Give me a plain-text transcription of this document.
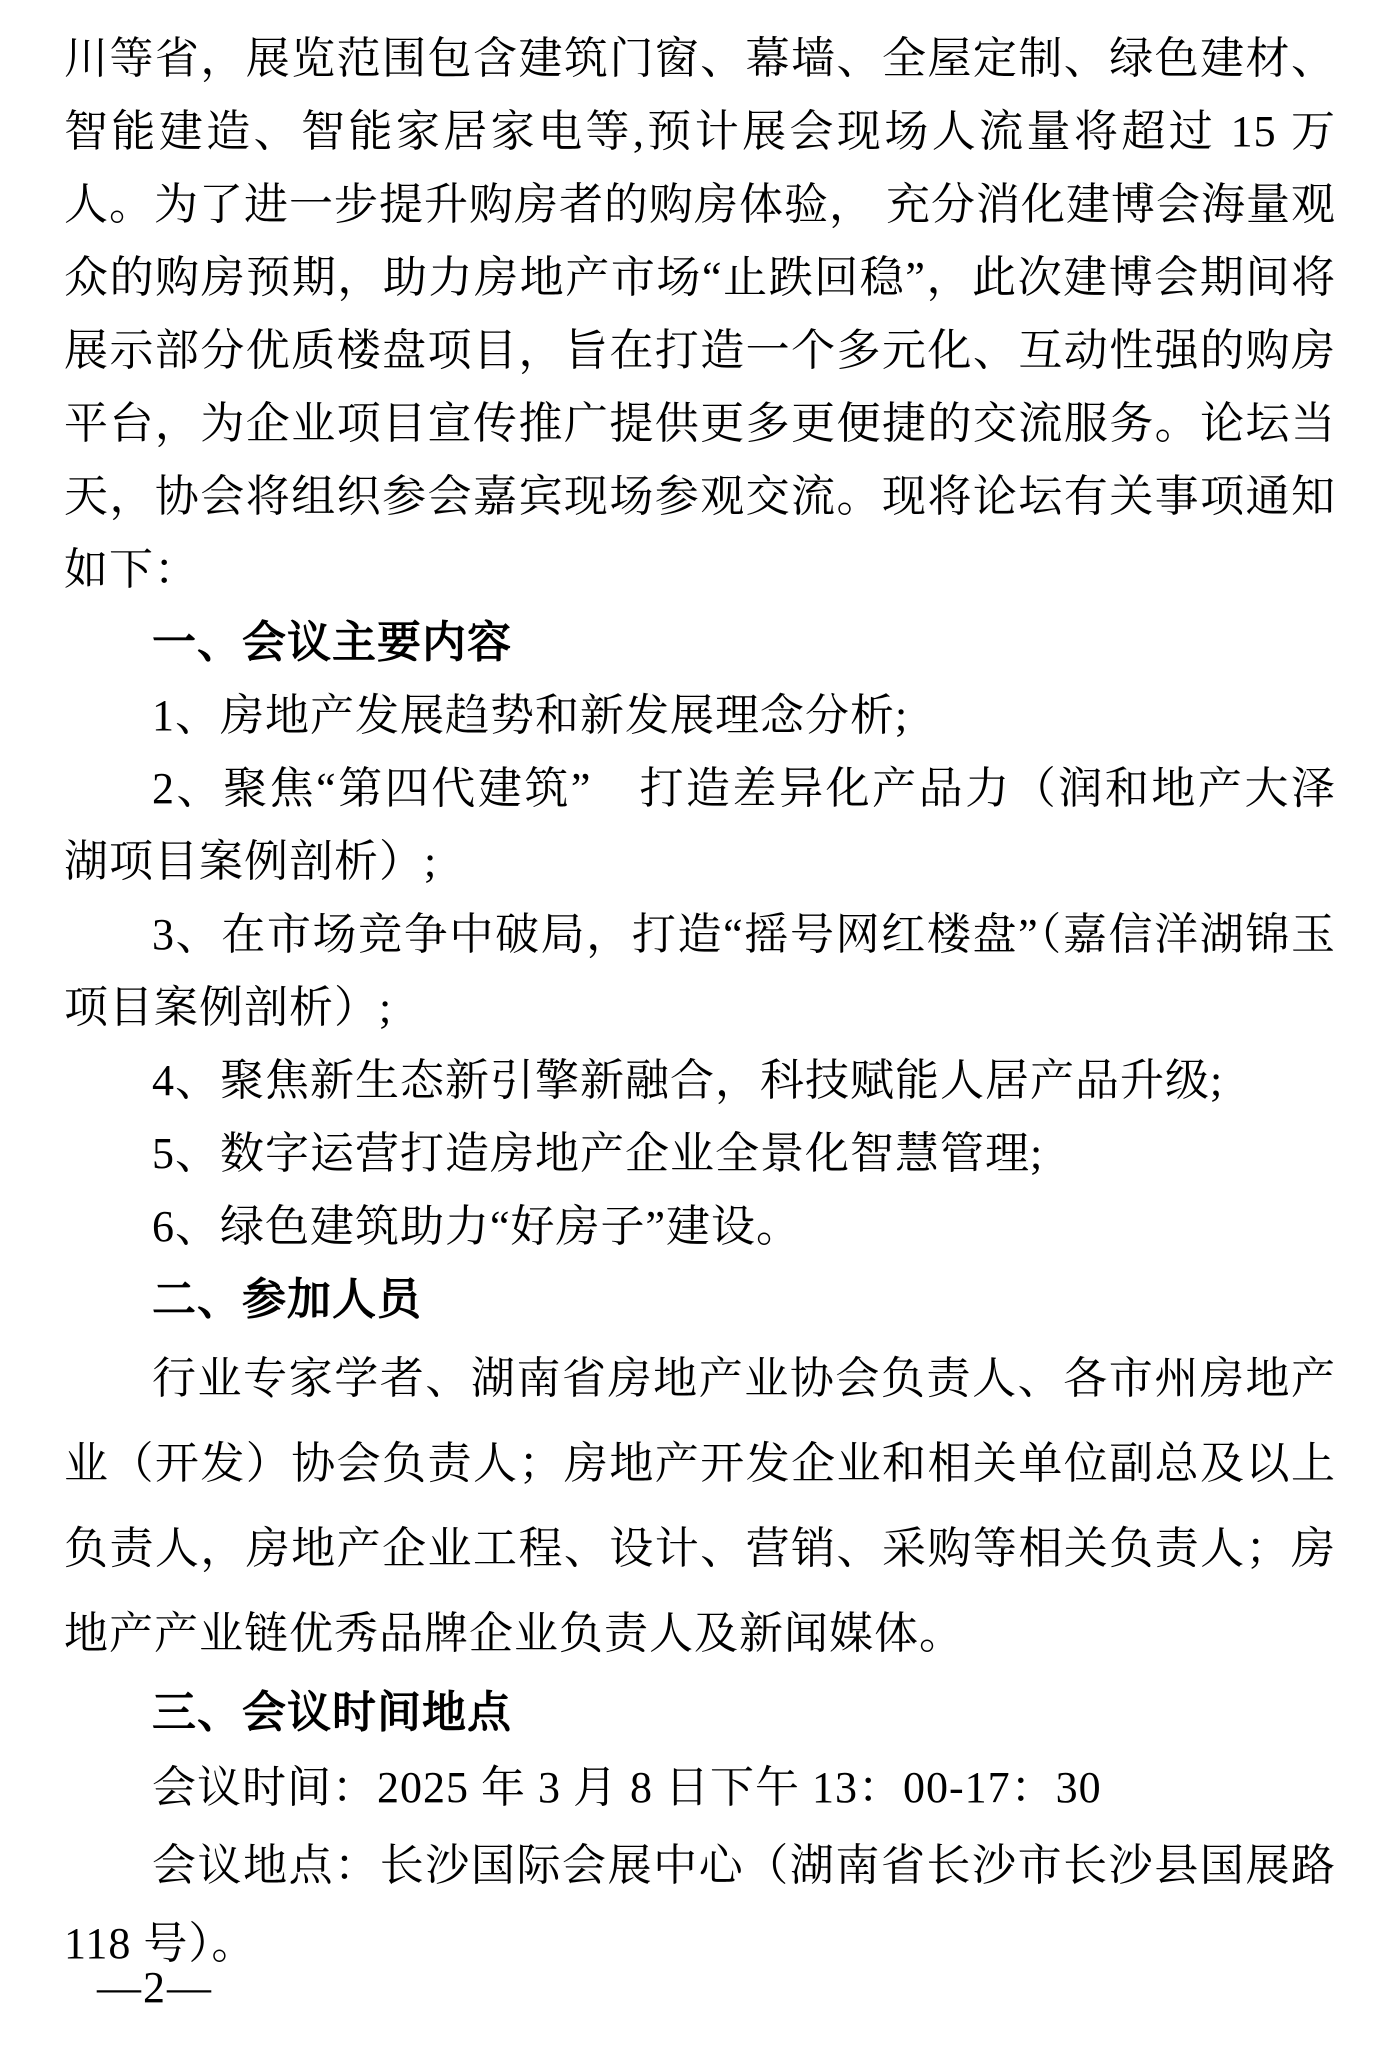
川等省，展览范围包含建筑门窗、幕墙、全屋定制、绿色建材、智能建造、智能家居家电等,预计展会现场人流量将超过 15 万人。为了进一步提升购房者的购房体验， 充分消化建博会海量观众的购房预期，助力房地产市场“止跌回稳”，此次建博会期间将展示部分优质楼盘项目，旨在打造一个多元化、互动性强的购房平台，为企业项目宣传推广提供更多更便捷的交流服务。论坛当天，协会将组织参会嘉宾现场参观交流。现将论坛有关事项通知如下：

一、会议主要内容

1、房地产发展趋势和新发展理念分析;

2、聚焦“第四代建筑”　打造差异化产品力（润和地产大泽湖项目案例剖析）;

3、在市场竞争中破局，打造“摇号网红楼盘”（嘉信洋湖锦玉项目案例剖析）;

4、聚焦新生态新引擎新融合，科技赋能人居产品升级;

5、数字运营打造房地产企业全景化智慧管理;

6、绿色建筑助力“好房子”建设。

二、参加人员

行业专家学者、湖南省房地产业协会负责人、各市州房地产业（开发）协会负责人；房地产开发企业和相关单位副总及以上负责人，房地产企业工程、设计、营销、采购等相关负责人；房地产产业链优秀品牌企业负责人及新闻媒体。

三、会议时间地点

会议时间：2025 年 3 月 8 日下午 13：00-17：30

会议地点：长沙国际会展中心（湖南省长沙市长沙县国展路 118 号）。

—2—
